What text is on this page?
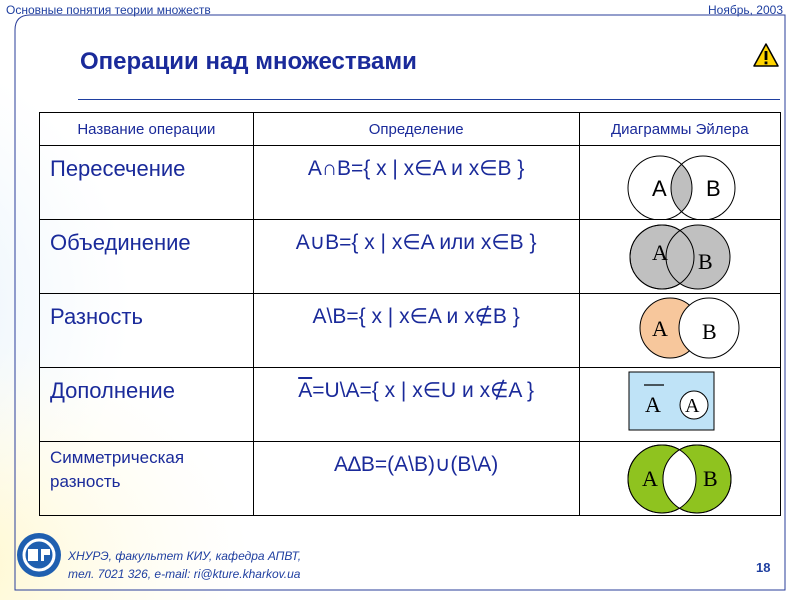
Основные понятия теории множеств	Ноябрь, 2003
Операции над множествами
Название операции	Определение	Диаграммы Эйлера

Пересечение	A∩B={ x | x∈A и x∈B }	A B

Объединение	A∪B={ x | x∈A или x∈B }	A B

Разность	A\B={ x | x∈A и x∉B }	A B

Дополнение	$\overline{A}=U\backslash A=${ x | x∈U и x∉A }	A A

Симметрическая разность	A∆B=(A\B)∪(B\A)	A B
ХНУРЭ, факультет КИУ, кафедра АПВТ,
тел. 7021 326, e-mail: ri@kture.kharkov.ua	18
